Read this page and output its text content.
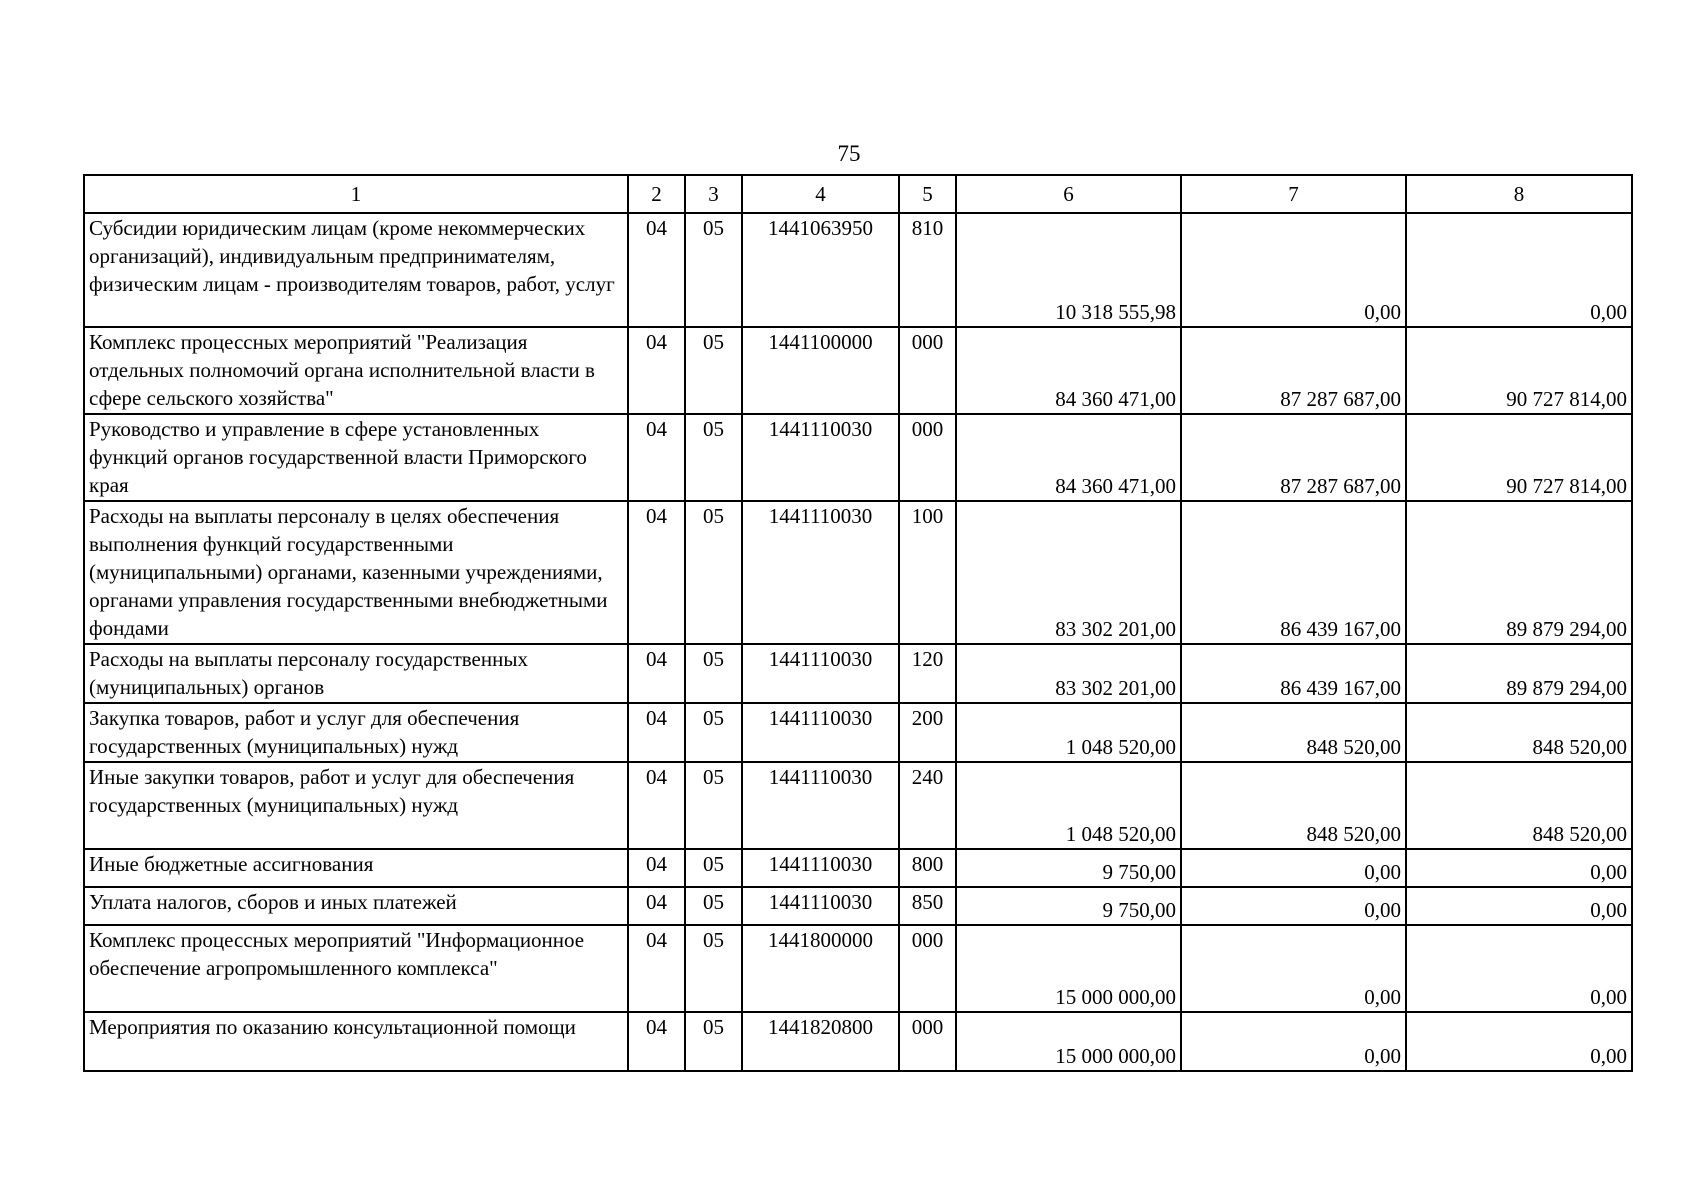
75
1	2	3	4	5	6	7	8
Субсидии юридическим лицам (кроме некоммерческих организаций), индивидуальным предпринимателям, физическим лицам - производителям товаров, работ, услуг	04	05	1441063950	810	10 318 555,98	0,00	0,00
Комплекс процессных мероприятий "Реализация отдельных полномочий органа исполнительной власти в сфере сельского хозяйства"	04	05	1441100000	000	84 360 471,00	87 287 687,00	90 727 814,00
Руководство и управление в сфере установленных функций органов государственной власти Приморского края	04	05	1441110030	000	84 360 471,00	87 287 687,00	90 727 814,00
Расходы на выплаты персоналу в целях обеспечения выполнения функций государственными (муниципальными) органами, казенными учреждениями, органами управления государственными внебюджетными фондами	04	05	1441110030	100	83 302 201,00	86 439 167,00	89 879 294,00
Расходы на выплаты персоналу государственных (муниципальных) органов	04	05	1441110030	120	83 302 201,00	86 439 167,00	89 879 294,00
Закупка товаров, работ и услуг для обеспечения государственных (муниципальных) нужд	04	05	1441110030	200	1 048 520,00	848 520,00	848 520,00
Иные закупки товаров, работ и услуг для обеспечения государственных (муниципальных) нужд	04	05	1441110030	240	1 048 520,00	848 520,00	848 520,00
Иные бюджетные ассигнования	04	05	1441110030	800	9 750,00	0,00	0,00
Уплата налогов, сборов и иных платежей	04	05	1441110030	850	9 750,00	0,00	0,00
Комплекс процессных мероприятий "Информационное обеспечение агропромышленного комплекса"	04	05	1441800000	000	15 000 000,00	0,00	0,00
Мероприятия по оказанию консультационной помощи	04	05	1441820800	000	15 000 000,00	0,00	0,00
